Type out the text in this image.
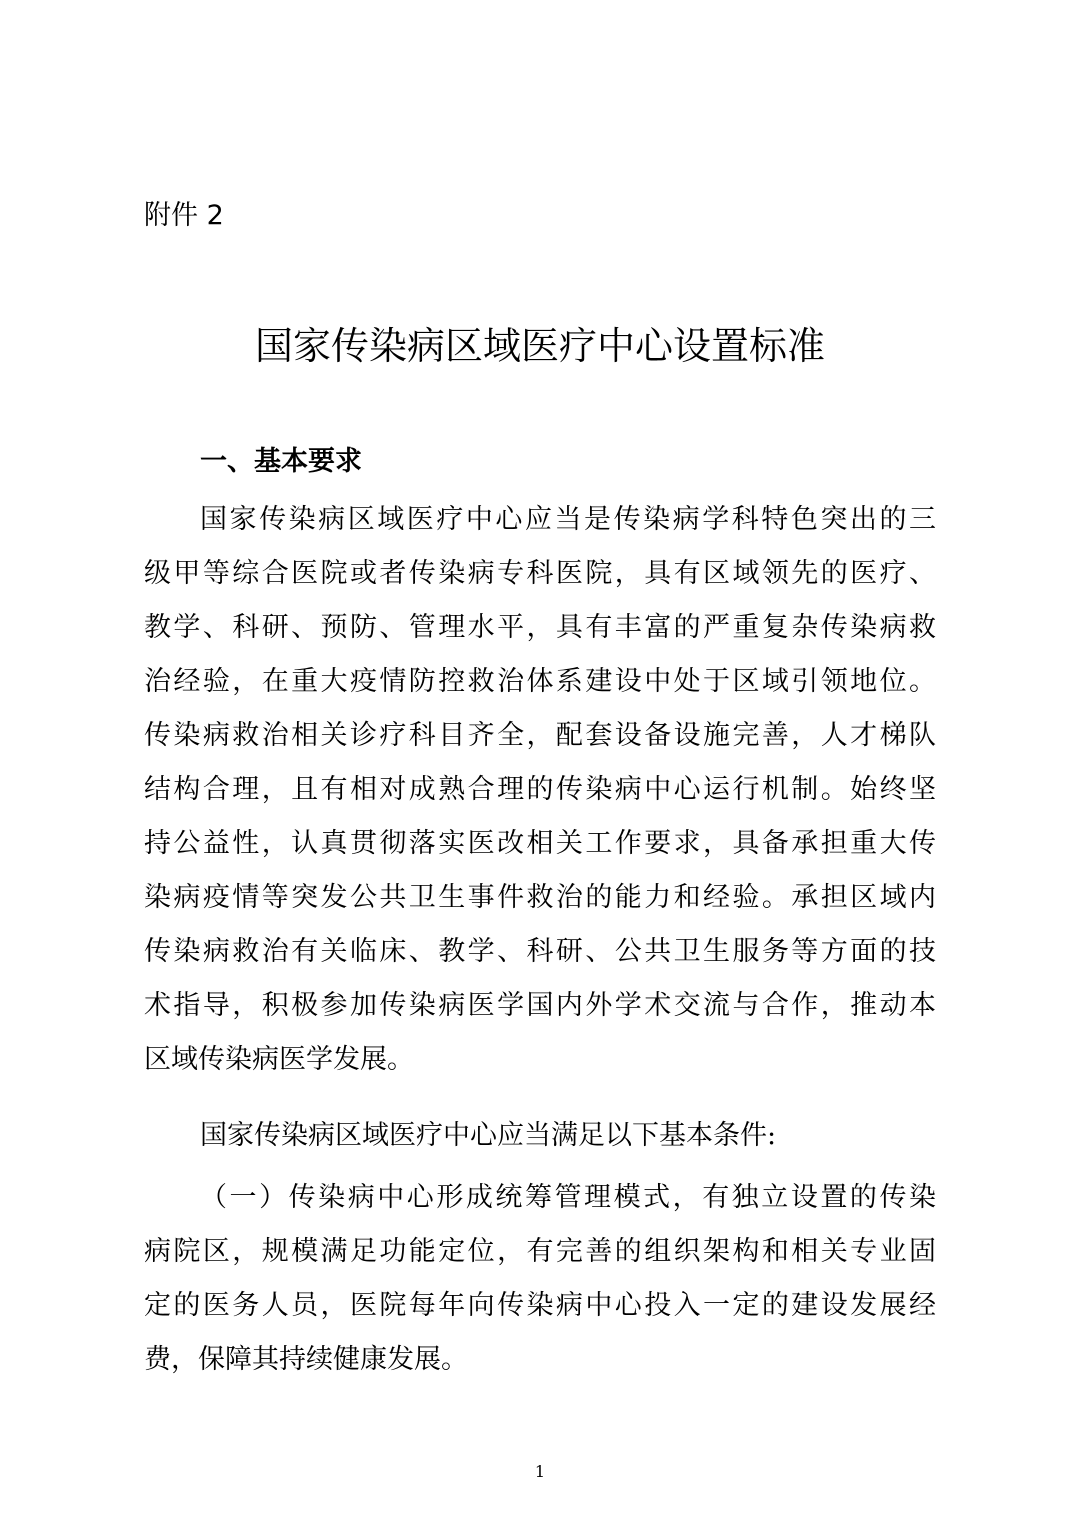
附件 2
国家传染病区域医疗中心设置标准
一、基本要求
国家传染病区域医疗中心应当是传染病学科特色突出的三
级甲等综合医院或者传染病专科医院，具有区域领先的医疗、
教学、科研、预防、管理水平，具有丰富的严重复杂传染病救
治经验，在重大疫情防控救治体系建设中处于区域引领地位。
传染病救治相关诊疗科目齐全，配套设备设施完善，人才梯队
结构合理，且有相对成熟合理的传染病中心运行机制。始终坚
持公益性，认真贯彻落实医改相关工作要求，具备承担重大传
染病疫情等突发公共卫生事件救治的能力和经验。承担区域内
传染病救治有关临床、教学、科研、公共卫生服务等方面的技
术指导，积极参加传染病医学国内外学术交流与合作，推动本
区域传染病医学发展。
国家传染病区域医疗中心应当满足以下基本条件:
（一）传染病中心形成统筹管理模式，有独立设置的传染
病院区，规模满足功能定位，有完善的组织架构和相关专业固
定的医务人员，医院每年向传染病中心投入一定的建设发展经
费，保障其持续健康发展。
1
